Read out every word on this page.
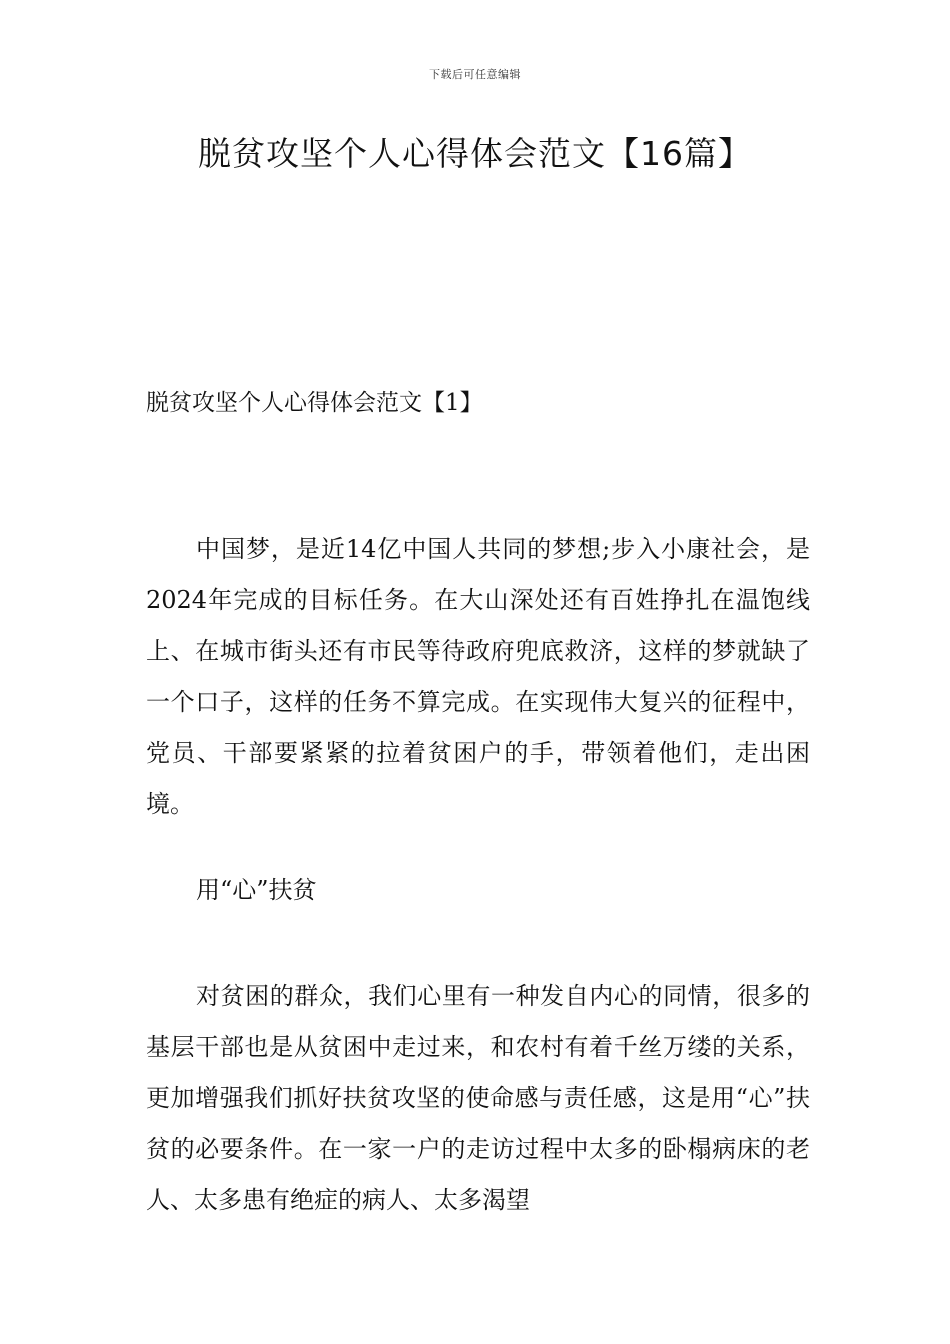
下载后可任意编辑
脱贫攻坚个人心得体会范文【16篇】
脱贫攻坚个人心得体会范文【1】

中国梦，是近14亿中国人共同的梦想;步入小康社会，是2024年完成的目标任务。在大山深处还有百姓挣扎在温饱线上、在城市街头还有市民等待政府兜底救济，这样的梦就缺了一个口子，这样的任务不算完成。在实现伟大复兴的征程中，党员、干部要紧紧的拉着贫困户的手，带领着他们，走出困境。

用“心”扶贫

对贫困的群众，我们心里有一种发自内心的同情，很多的基层干部也是从贫困中走过来，和农村有着千丝万缕的关系，更加增强我们抓好扶贫攻坚的使命感与责任感，这是用“心”扶贫的必要条件。在一家一户的走访过程中太多的卧榻病床的老人、太多患有绝症的病人、太多渴望
